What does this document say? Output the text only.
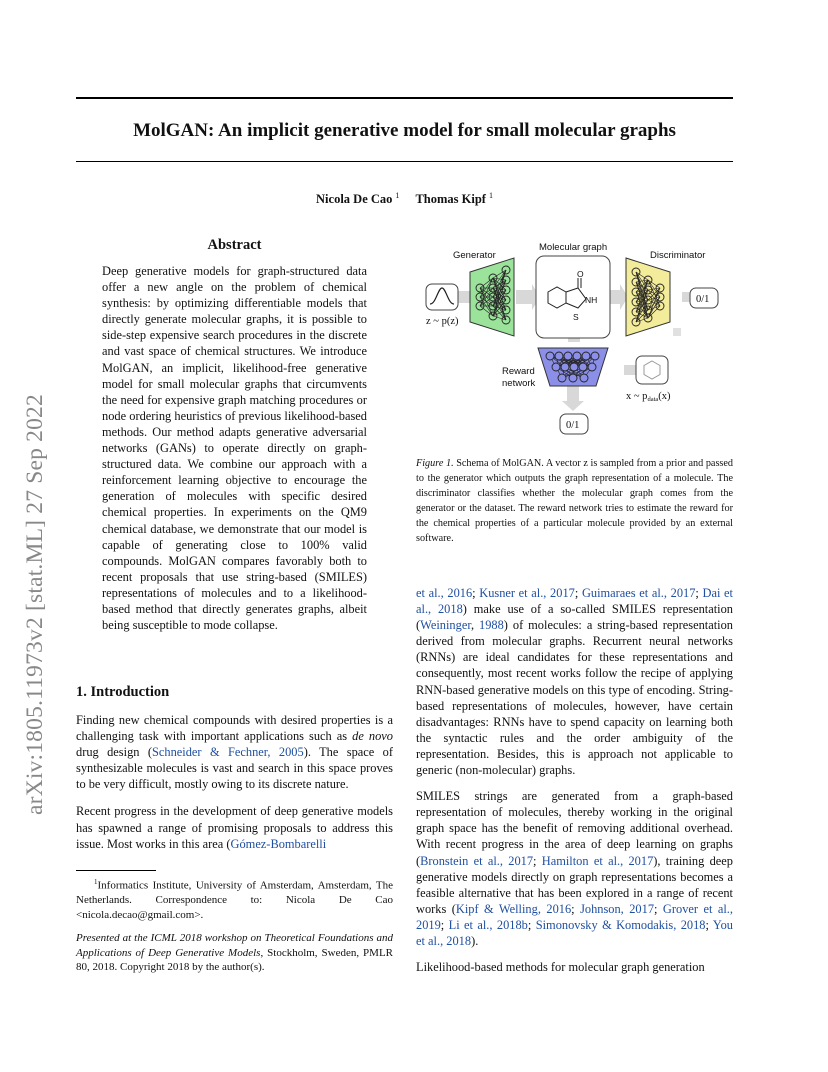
MolGAN: An implicit generative model for small molecular graphs
Nicola De Cao $^1$ Thomas Kipf $^1$
arXiv:1805.11973v2 [stat.ML] 27 Sep 2022
Abstract

Deep generative models for graph-structured data offer a new angle on the problem of chemical synthesis: by optimizing differentiable models that directly generate molecular graphs, it is possible to side-step expensive search procedures in the discrete and vast space of chemical structures. We introduce MolGAN, an implicit, likelihood-free generative model for small molecular graphs that circumvents the need for expensive graph matching procedures or node ordering heuristics of previous likelihood-based methods. Our method adapts generative adversarial networks (GANs) to operate directly on graph-structured data. We combine our approach with a reinforcement learning objective to encourage the generation of molecules with specific desired chemical properties. In experiments on the QM9 chemical database, we demonstrate that our model is capable of generating close to 100% valid compounds. MolGAN compares favorably both to recent proposals that use string-based (SMILES) representations of molecules and to a likelihood-based method that directly generates graphs, albeit being susceptible to mode collapse.

1. Introduction

Finding new chemical compounds with desired properties is a challenging task with important applications such as de novo drug design (Schneider & Fechner, 2005). The space of synthesizable molecules is vast and search in this space proves to be very difficult, mostly owing to its discrete nature.

Recent progress in the development of deep generative models has spawned a range of promising proposals to address this issue. Most works in this area (Gómez-Bombarelli

$^1$Informatics Institute, University of Amsterdam, Amsterdam, The Netherlands. Correspondence to: Nicola De Cao <nicola.decao@gmail.com>.

Presented at the ICML 2018 workshop on Theoretical Foundations and Applications of Deep Generative Models, Stockholm, Sweden, PMLR 80, 2018. Copyright 2018 by the author(s).

Generator
Molecular graph
Discriminator
z ~ p(z)
O
NH
S
0/1
Reward
network
0/1
x ~ pdata(x)

Figure 1. Schema of MolGAN. A vector z is sampled from a prior and passed to the generator which outputs the graph representation of a molecule. The discriminator classifies whether the molecular graph comes from the generator or the dataset. The reward network tries to estimate the reward for the chemical properties of a particular molecule provided by an external software.

et al., 2016; Kusner et al., 2017; Guimaraes et al., 2017; Dai et al., 2018) make use of a so-called SMILES representation (Weininger, 1988) of molecules: a string-based representation derived from molecular graphs. Recurrent neural networks (RNNs) are ideal candidates for these representations and consequently, most recent works follow the recipe of applying RNN-based generative models on this type of encoding. String-based representations of molecules, however, have certain disadvantages: RNNs have to spend capacity on learning both the syntactic rules and the order ambiguity of the representation. Besides, this is approach not applicable to generic (non-molecular) graphs.

SMILES strings are generated from a graph-based representation of molecules, thereby working in the original graph space has the benefit of removing additional overhead. With recent progress in the area of deep learning on graphs (Bronstein et al., 2017; Hamilton et al., 2017), training deep generative models directly on graph representations becomes a feasible alternative that has been explored in a range of recent works (Kipf & Welling, 2016; Johnson, 2017; Grover et al., 2019; Li et al., 2018b; Simonovsky & Komodakis, 2018; You et al., 2018).

Likelihood-based methods for molecular graph generation
